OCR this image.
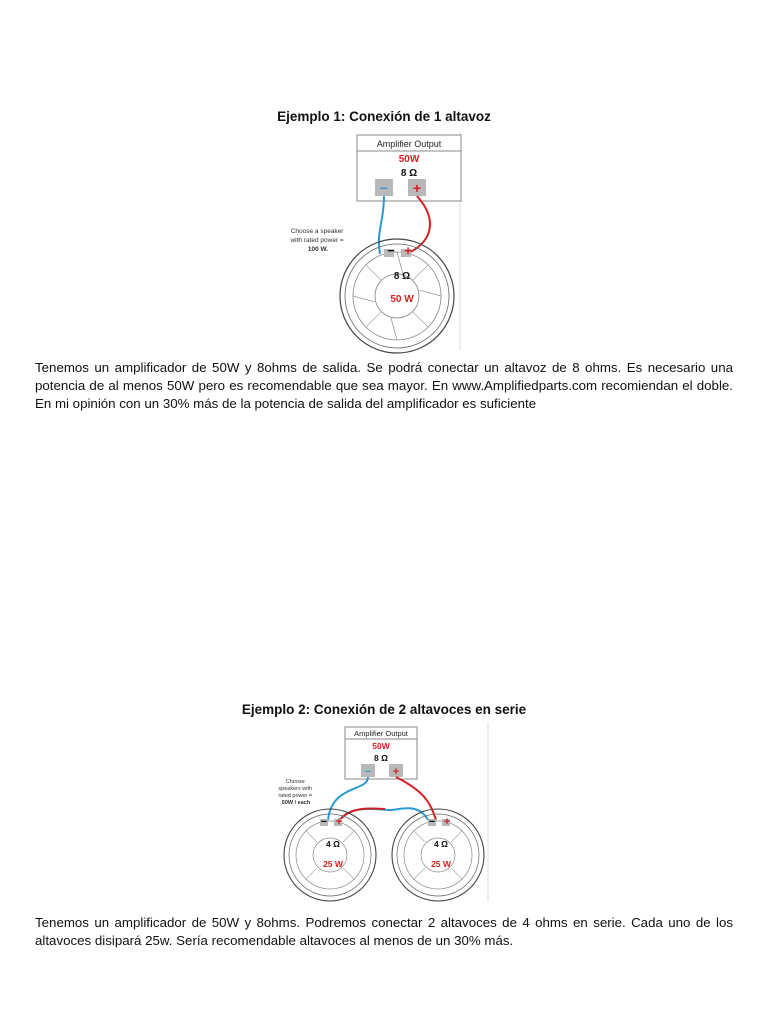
Ejemplo 1: Conexión de 1 altavoz
Amplifier Output
50W
8 Ω
− +
Choose a speaker with rated power = 100 W.	− +
8 Ω
50 W
Tenemos un amplificador de 50W y 8ohms de salida. Se podrá conectar un altavoz de 8 ohms. Es necesario una potencia de al menos 50W pero es recomendable que sea mayor. En www.Amplifiedparts.com recomiendan el doble. En mi opinión con un 30% más de la potencia de salida del amplificador es suficiente
Ejemplo 2: Conexión de 2 altavoces en serie
Amplifier Output
50W
8 Ω
− +
Choose speakers with rated power = 50W / each
− +
4 Ω
25 W
− +
4 Ω
25 W
Tenemos un amplificador de 50W y 8ohms. Podremos conectar 2 altavoces de 4 ohms en serie. Cada uno de los altavoces disipará 25w. Sería recomendable altavoces al menos de un 30% más.
